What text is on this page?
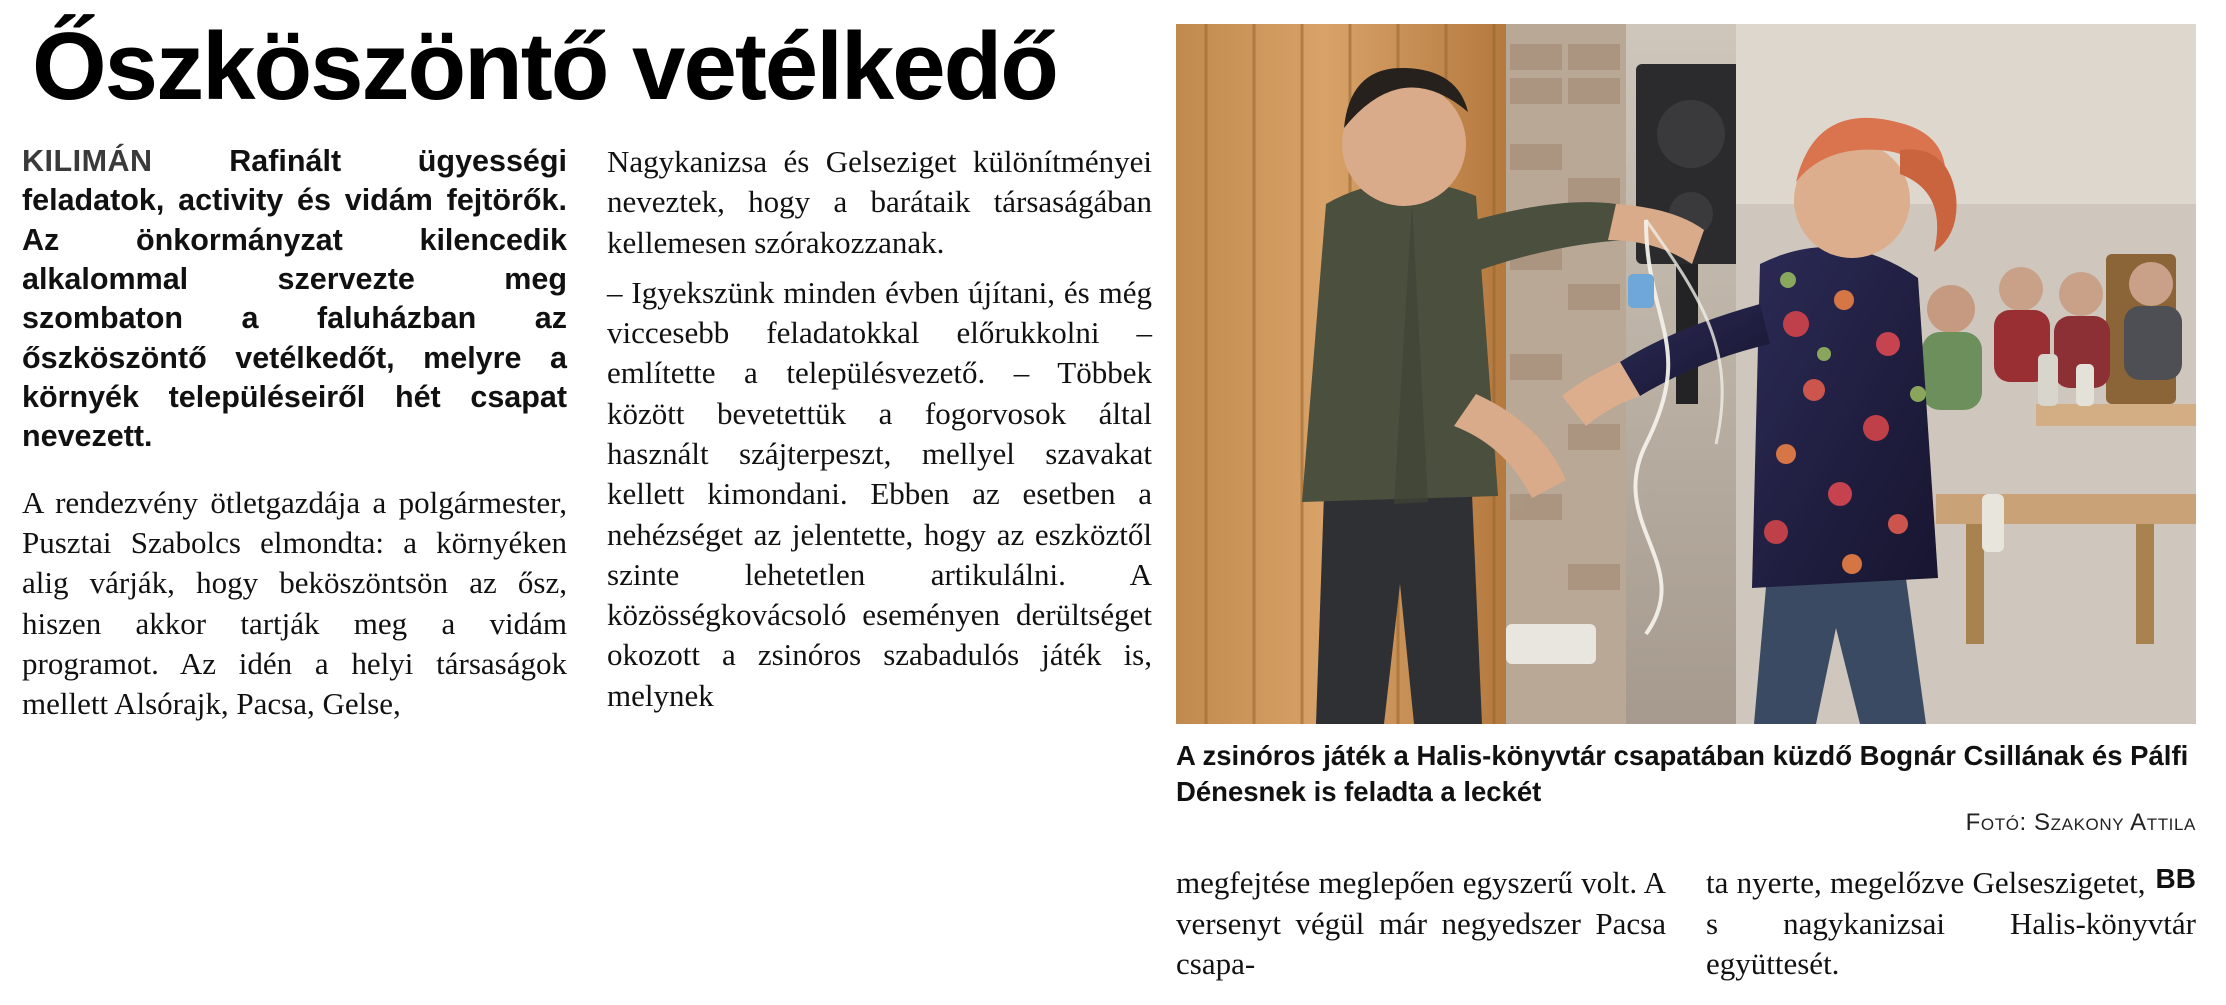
Őszköszöntő vetélkedő

KILIMÁN Rafinált ügyességi feladatok, activity és vidám fejtörők. Az önkormányzat kilencedik alkalommal szervezte meg szombaton a faluházban az őszköszöntő vetélkedőt, melyre a környék településeiről hét csapat nevezett.

A rendezvény ötletgazdája a polgármester, Pusztai Szabolcs elmondta: a környéken alig várják, hogy beköszöntsön az ősz, hiszen akkor tartják meg a vidám programot. Az idén a helyi társaságok mellett Alsórajk, Pacsa, Gelse,

Nagykanizsa és Gelseziget különítményei neveztek, hogy a barátaik társaságában kellemesen szórakozzanak.

– Igyekszünk minden évben újítani, és még viccesebb feladatokkal előrukkolni – említette a településvezető. – Többek között bevetettük a fogorvosok által használt szájterpeszt, mellyel szavakat kellett kimondani. Ebben az esetben a nehézséget az jelentette, hogy az eszköztől szinte lehetetlen artikulálni. A közösségkovácsoló eseményen derültséget okozott a zsinóros szabadulós játék is, melynek

A zsinóros játék a Halis-könyvtár csapatában küzdő Bognár Csillának és Pálfi Dénesnek is feladta a leckét
Fotó: Szakony Attila

megfejtése meglepően egyszerű volt. A versenyt végül már negyedszer Pacsa csapa-

BB

ta nyerte, megelőzve Gelseszigetet, s nagykanizsai Halis-könyvtár együttesét.
